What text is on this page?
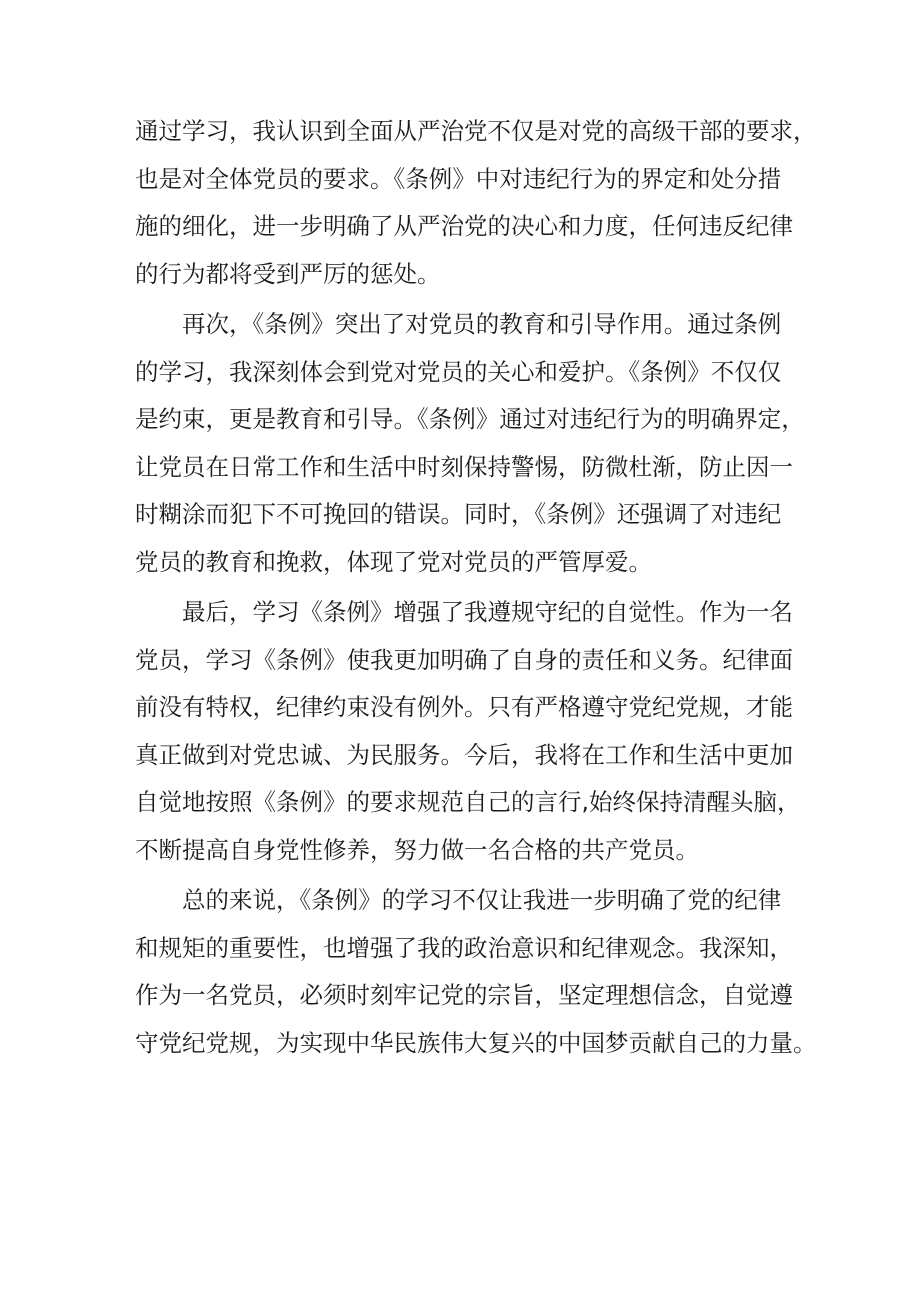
通过学习，我认识到全面从严治党不仅是对党的高级干部的要求，
也是对全体党员的要求。《条例》中对违纪行为的界定和处分措
施的细化，进一步明确了从严治党的决心和力度，任何违反纪律
的行为都将受到严厉的惩处。

再次，《条例》突出了对党员的教育和引导作用。通过条例
的学习，我深刻体会到党对党员的关心和爱护。《条例》不仅仅
是约束，更是教育和引导。《条例》通过对违纪行为的明确界定，
让党员在日常工作和生活中时刻保持警惕，防微杜渐，防止因一
时糊涂而犯下不可挽回的错误。同时，《条例》还强调了对违纪
党员的教育和挽救，体现了党对党员的严管厚爱。

最后，学习《条例》增强了我遵规守纪的自觉性。作为一名
党员，学习《条例》使我更加明确了自身的责任和义务。纪律面
前没有特权，纪律约束没有例外。只有严格遵守党纪党规，才能
真正做到对党忠诚、为民服务。今后，我将在工作和生活中更加
自觉地按照《条例》的要求规范自己的言行,始终保持清醒头脑，
不断提高自身党性修养，努力做一名合格的共产党员。

总的来说，《条例》的学习不仅让我进一步明确了党的纪律
和规矩的重要性，也增强了我的政治意识和纪律观念。我深知，
作为一名党员，必须时刻牢记党的宗旨，坚定理想信念，自觉遵
守党纪党规，为实现中华民族伟大复兴的中国梦贡献自己的力量。
